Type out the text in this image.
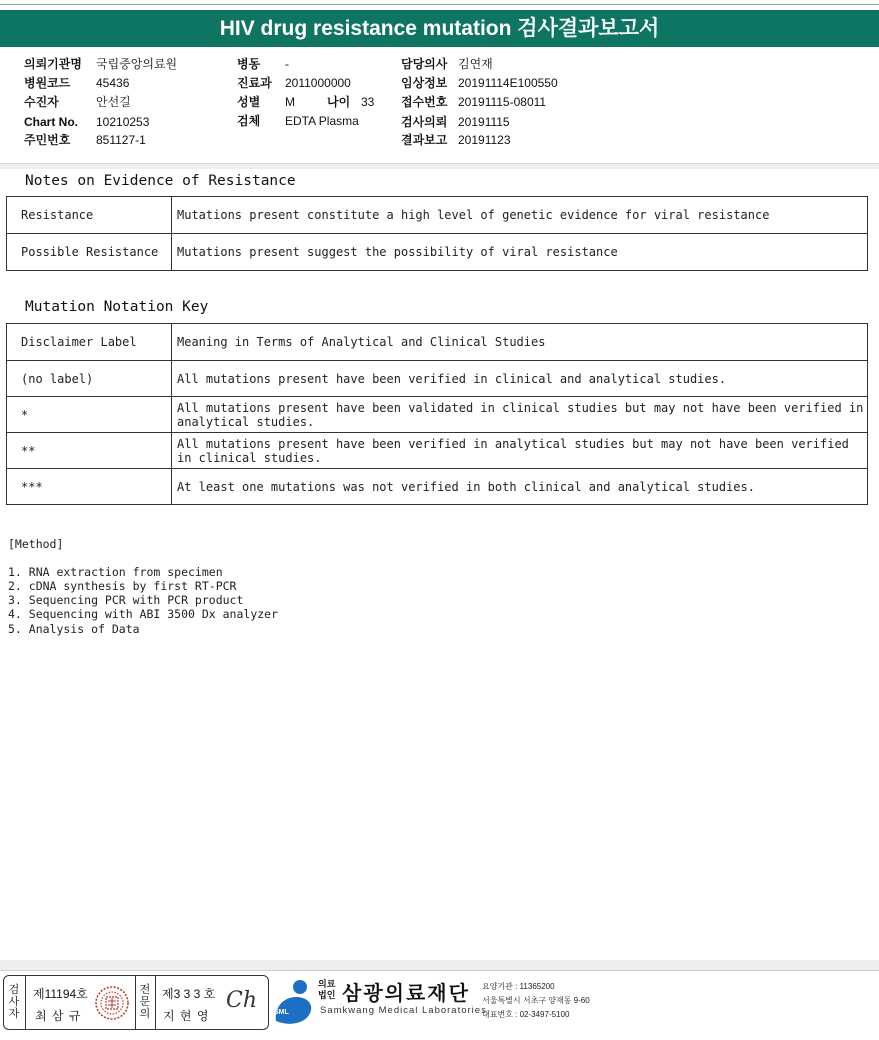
HIV drug resistance mutation 검사결과보고서
의뢰기관명 국립중앙의료원
병원코드 45436
수진자	안선길
Chart No. 10210253
주민번호 851127-1
병동 -
진료과 2011000000
성별 M	나이 33
검체 EDTA Plasma
담당의사 김연재
임상정보 20191114E100550
접수번호 20191115-08011
검사의뢰 20191115
결과보고 20191123
Notes on Evidence of Resistance
Resistance	Mutations present constitute a high level of genetic evidence for viral resistance
Possible Resistance	Mutations present suggest the possibility of viral resistance
Mutation Notation Key
Disclaimer Label	Meaning in Terms of Analytical and Clinical Studies
(no label)	All mutations present have been verified in clinical and analytical studies.
*	All mutations present have been validated in clinical studies but may not have been verified in analytical studies.
**	All mutations present have been verified in analytical studies but may not have been verified in clinical studies.
***	At least one mutations was not verified in both clinical and analytical studies.
[Method]
1. RNA extraction from specimen
2. cDNA synthesis by first RT-PCR
3. Sequencing PCR with PCR product
4. Sequencing with ABI 3500 Dx analyzer
5. Analysis of Data
검
사
자
제11194호
최 삼 규
전
문
의
제3 3 3 호
지 현 영
Ch SML
의료
법인 삼광의료재단
Samkwang Medical Laboratories
요양기관 : 11365200
서울특별시 서초구 양재동 9-60
대표번호 : 02-3497-5100
